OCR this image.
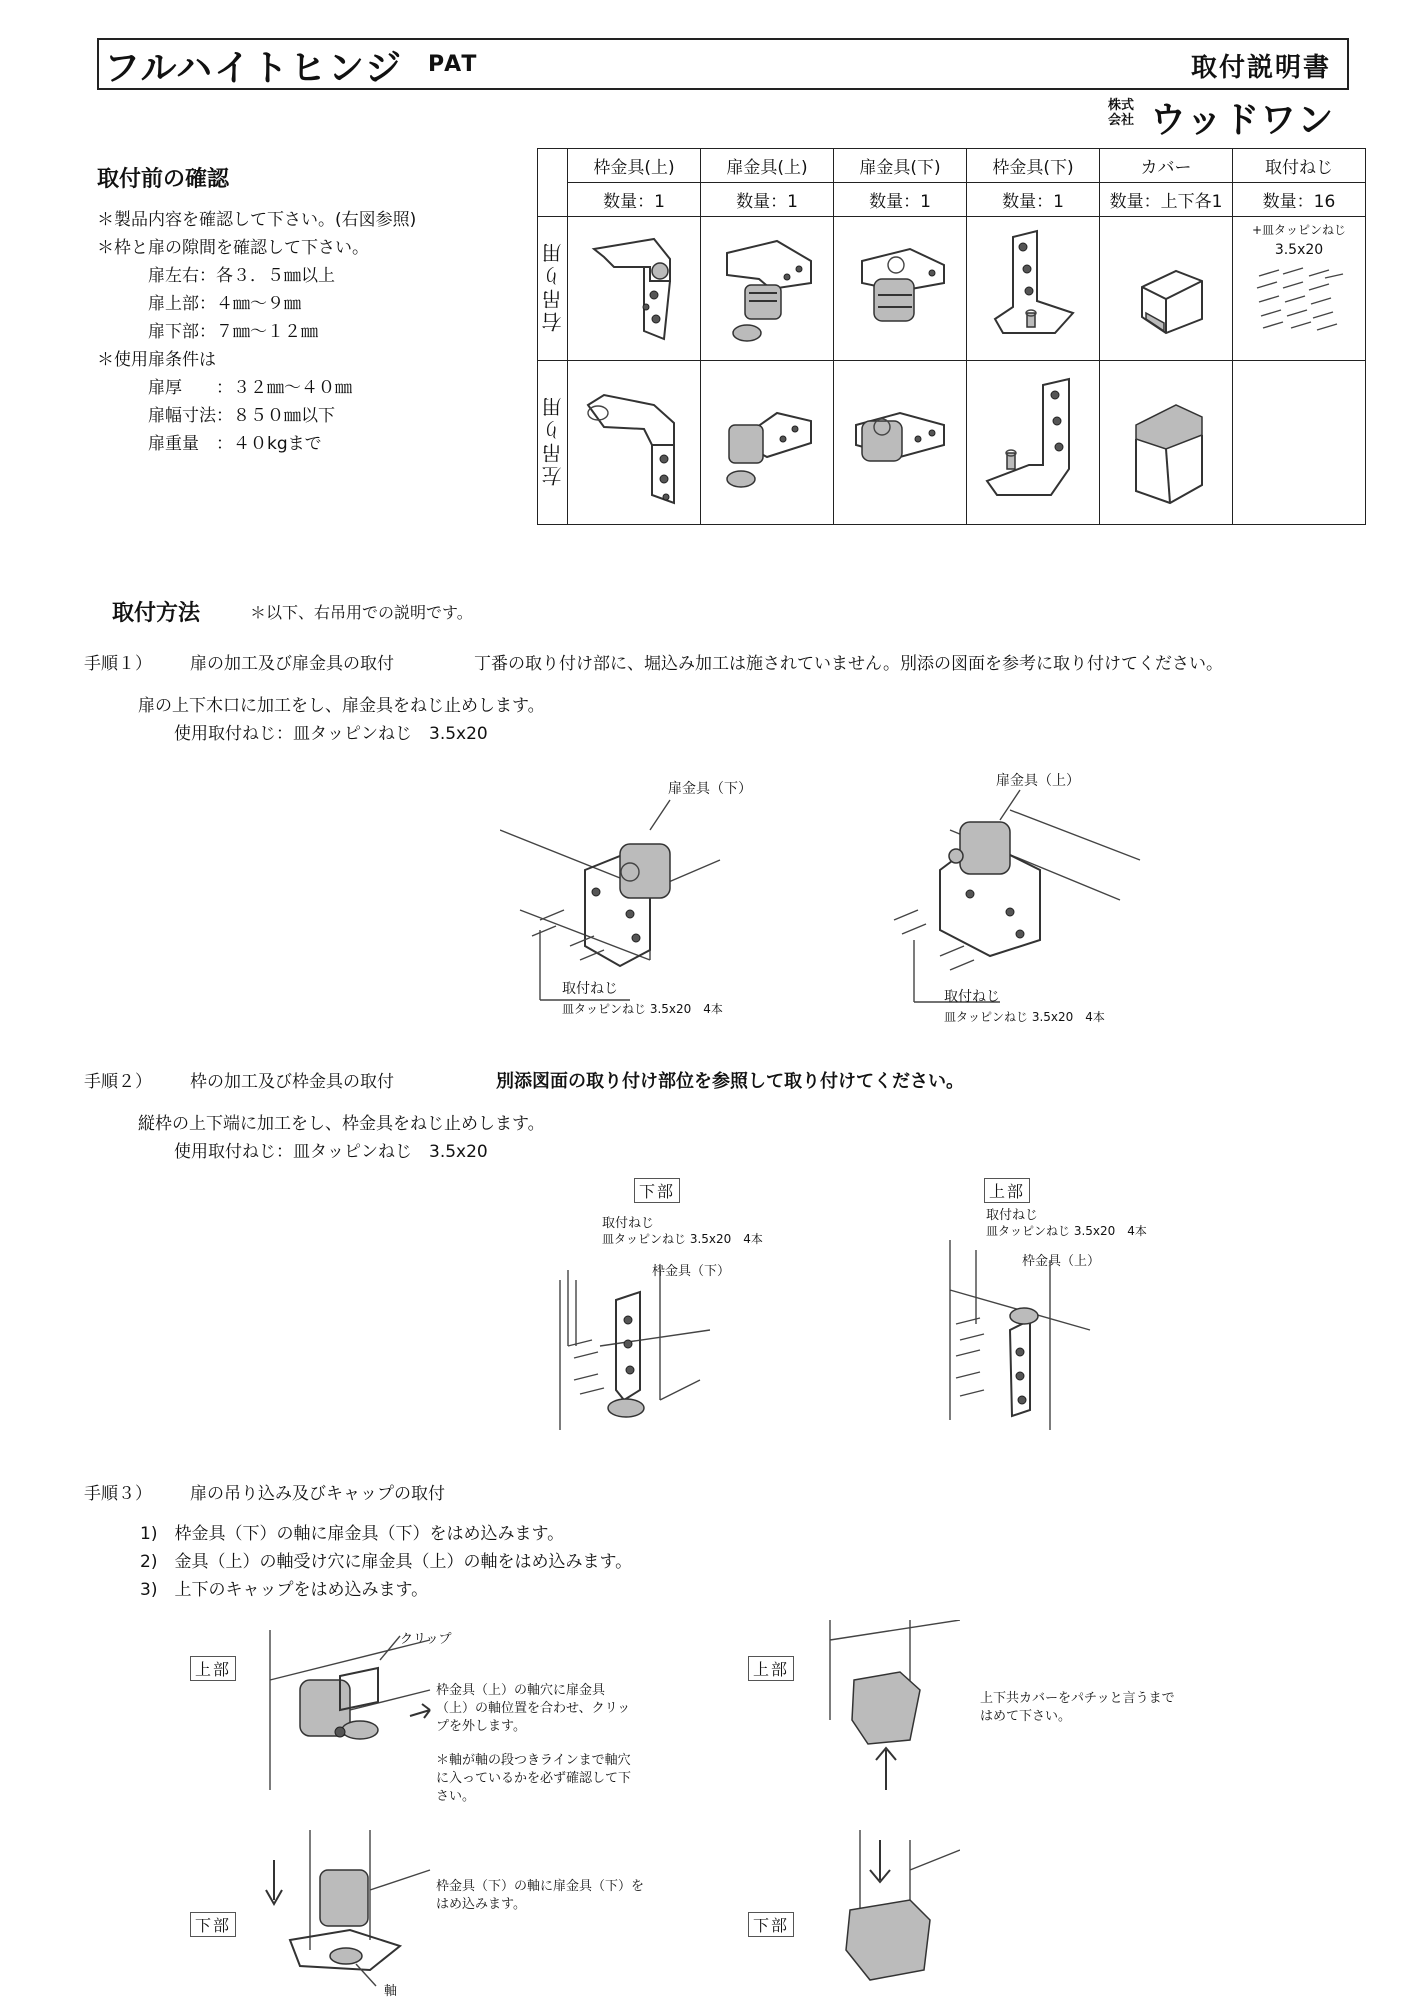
フルハイトヒンジ PAT	取付説明書
株式
会社 ウッドワン
取付前の確認
＊製品内容を確認して下さい。(右図参照)
＊枠と扉の隙間を確認して下さい。
扉左右：各３．５㎜以上
扉上部：４㎜〜９㎜
扉下部：７㎜〜１２㎜
＊使用扉条件は
扉厚　　：３２㎜〜４０㎜
扉幅寸法：８５０㎜以下
扉重量　：４０kgまで
	枠金具(上)	扉金具(上)	扉金具(下)	枠金具(下)	カバー	取付ねじ
	数量：1	数量：1	数量：1	数量：1	数量：上下各1	数量：16
右吊り用						+皿タッピンねじ
3.5x20

左吊り用						
取付方法	＊以下、右吊用での説明です。
手順１） 扉の加工及び扉金具の取付	丁番の取り付け部に、堀込み加工は施されていません。別添の図面を参考に取り付けてください。
扉の上下木口に加工をし、扉金具をねじ止めします。
使用取付ねじ：皿タッピンねじ　3.5x20
扉金具（下）
取付ねじ
皿タッピンねじ 3.5x20　4本
扉金具（上）
取付ねじ
皿タッピンねじ 3.5x20　4本
手順２） 枠の加工及び枠金具の取付	別添図面の取り付け部位を参照して取り付けてください。
縦枠の上下端に加工をし、枠金具をねじ止めします。
使用取付ねじ：皿タッピンねじ　3.5x20
下部
取付ねじ
皿タッピンねじ 3.5x20　4本
枠金具（下）
上部
取付ねじ
皿タッピンねじ 3.5x20　4本
枠金具（上）
手順３） 扉の吊り込み及びキャップの取付
1)　枠金具（下）の軸に扉金具（下）をはめ込みます。
2)　金具（上）の軸受け穴に扉金具（上）の軸をはめ込みます。
3)　上下のキャップをはめ込みます。
上部
クリップ
枠金具（上）の軸穴に扉金具（上）の軸位置を合わせ、クリップを外します。
＊軸が軸の段つきラインまで軸穴に入っているかを必ず確認して下さい。
下部
軸
枠金具（下）の軸に扉金具（下）をはめ込みます。
上部
上下共カバーをパチッと言うまではめて下さい。
下部
